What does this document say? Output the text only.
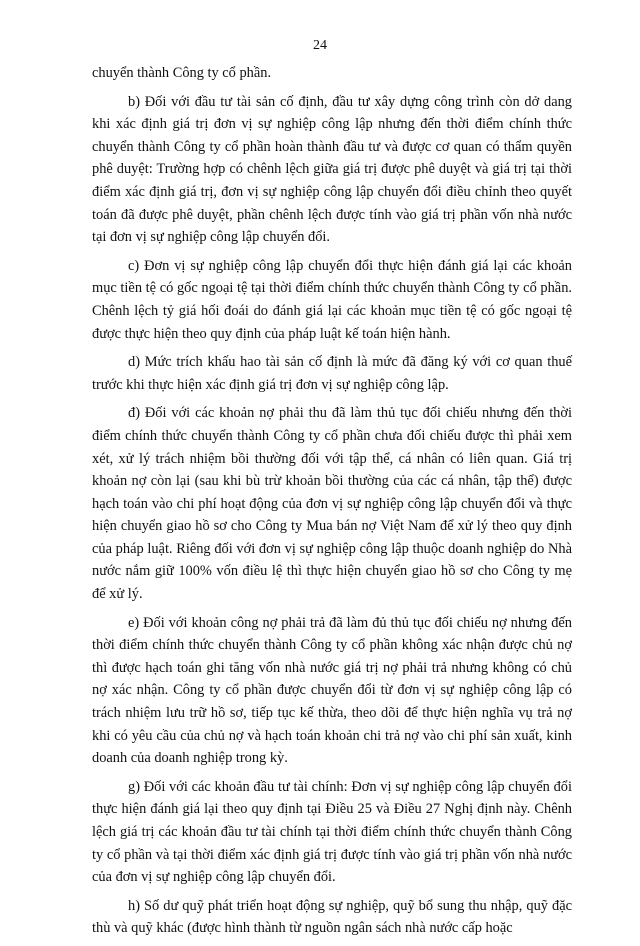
24

chuyển thành Công ty cổ phần.

b) Đối với đầu tư tài sản cố định, đầu tư xây dựng công trình còn dở dang khi xác định giá trị đơn vị sự nghiệp công lập nhưng đến thời điểm chính thức chuyển thành Công ty cổ phần hoàn thành đầu tư và được cơ quan có thẩm quyền phê duyệt: Trường hợp có chênh lệch giữa giá trị được phê duyệt và giá trị tại thời điểm xác định giá trị, đơn vị sự nghiệp công lập chuyển đổi điều chỉnh theo quyết toán đã được phê duyệt, phần chênh lệch được tính vào giá trị phần vốn nhà nước tại đơn vị sự nghiệp công lập chuyển đổi.

c) Đơn vị sự nghiệp công lập chuyển đổi thực hiện đánh giá lại các khoản mục tiền tệ có gốc ngoại tệ tại thời điểm chính thức chuyển thành Công ty cổ phần. Chênh lệch tỷ giá hối đoái do đánh giá lại các khoản mục tiền tệ có gốc ngoại tệ được thực hiện theo quy định của pháp luật kế toán hiện hành.

d) Mức trích khấu hao tài sản cố định là mức đã đăng ký với cơ quan thuế trước khi thực hiện xác định giá trị đơn vị sự nghiệp công lập.

đ) Đối với các khoản nợ phải thu đã làm thủ tục đối chiếu nhưng đến thời điểm chính thức chuyển thành Công ty cổ phần chưa đối chiếu được thì phải xem xét, xử lý trách nhiệm bồi thường đối với tập thể, cá nhân có liên quan. Giá trị khoản nợ còn lại (sau khi bù trừ khoản bồi thường của các cá nhân, tập thể) được hạch toán vào chi phí hoạt động của đơn vị sự nghiệp công lập chuyển đổi và thực hiện chuyển giao hồ sơ cho Công ty Mua bán nợ Việt Nam để xử lý theo quy định của pháp luật. Riêng đối với đơn vị sự nghiệp công lập thuộc doanh nghiệp do Nhà nước nắm giữ 100% vốn điều lệ thì thực hiện chuyển giao hồ sơ cho Công ty mẹ để xử lý.

e) Đối với khoản công nợ phải trả đã làm đủ thủ tục đối chiếu nợ nhưng đến thời điểm chính thức chuyển thành Công ty cổ phần không xác nhận được chủ nợ thì được hạch toán ghi tăng vốn nhà nước giá trị nợ phải trả nhưng không có chủ nợ xác nhận. Công ty cổ phần được chuyển đổi từ đơn vị sự nghiệp công lập có trách nhiệm lưu trữ hồ sơ, tiếp tục kế thừa, theo dõi để thực hiện nghĩa vụ trả nợ khi có yêu cầu của chủ nợ và hạch toán khoản chi trả nợ vào chi phí sản xuất, kinh doanh của doanh nghiệp trong kỳ.

g) Đối với các khoản đầu tư tài chính: Đơn vị sự nghiệp công lập chuyển đổi thực hiện đánh giá lại theo quy định tại Điều 25 và Điều 27 Nghị định này. Chênh lệch giá trị các khoản đầu tư tài chính tại thời điểm chính thức chuyển thành Công ty cổ phần và tại thời điểm xác định giá trị được tính vào giá trị phần vốn nhà nước của đơn vị sự nghiệp công lập chuyển đổi.

h) Số dư quỹ phát triển hoạt động sự nghiệp, quỹ bổ sung thu nhập, quỹ đặc thù và quỹ khác (được hình thành từ nguồn ngân sách nhà nước cấp hoặc
